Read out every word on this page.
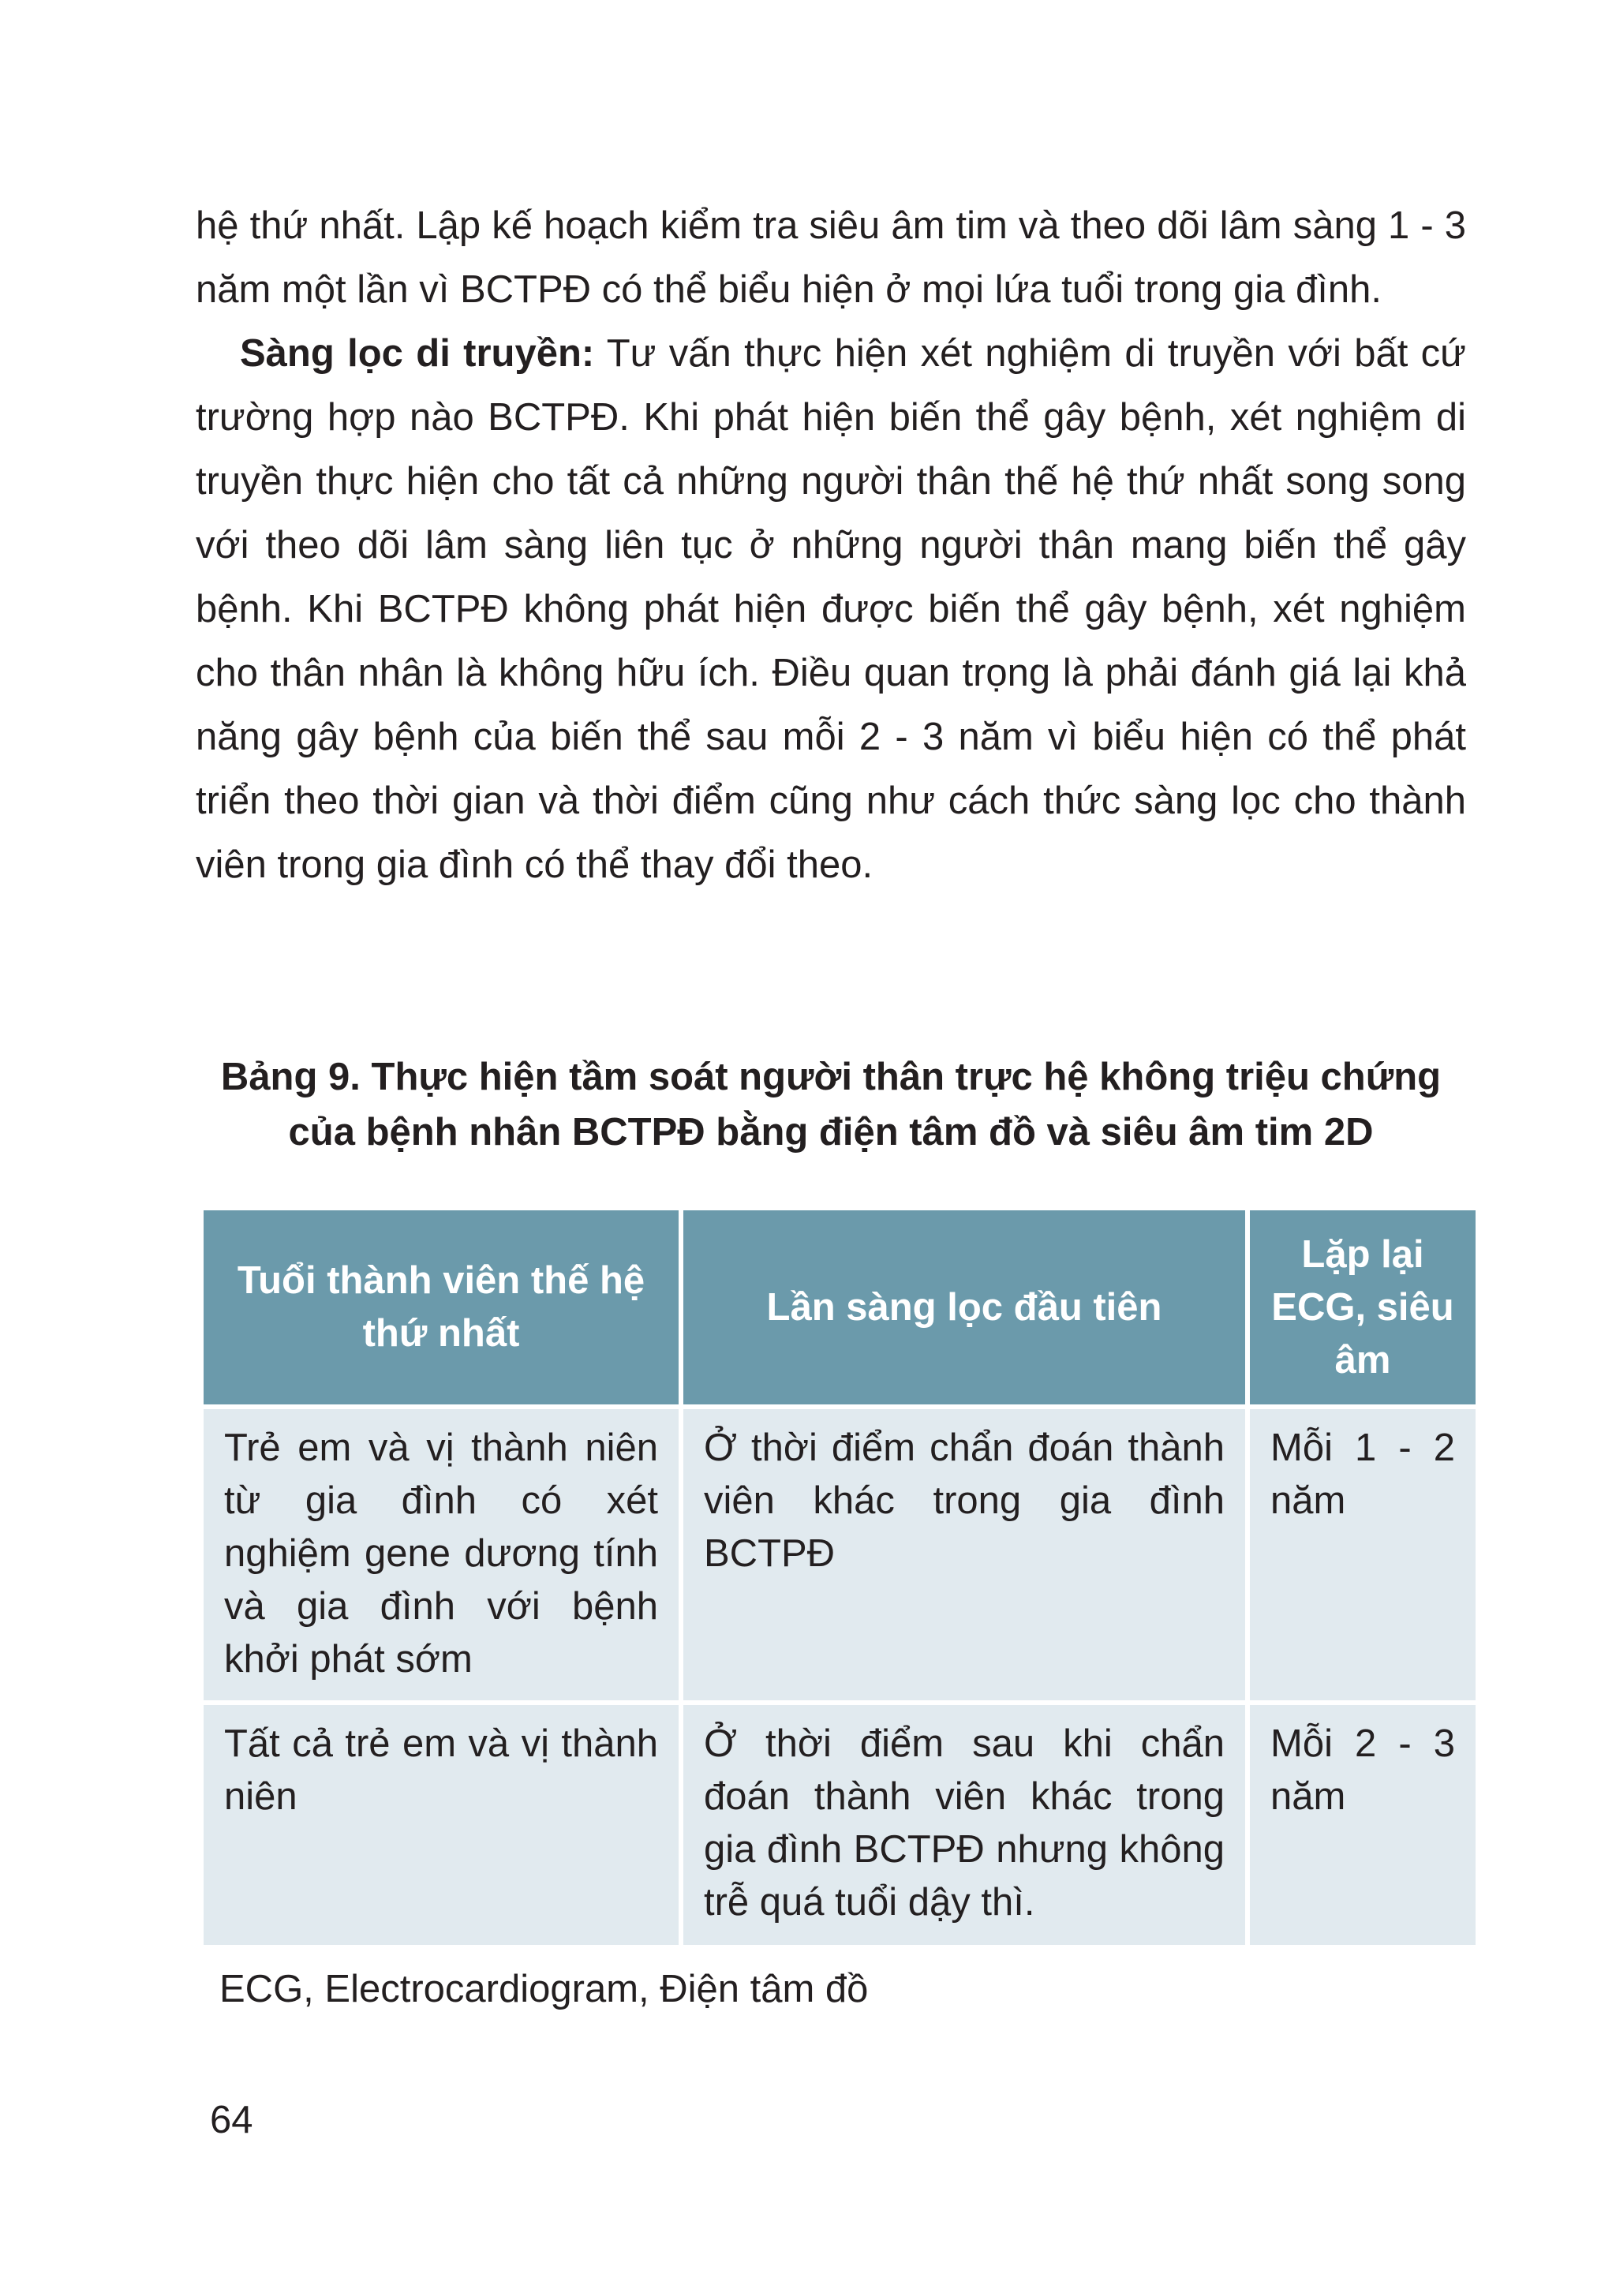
hệ thứ nhất. Lập kế hoạch kiểm tra siêu âm tim và theo dõi lâm sàng 1 - 3 năm một lần vì BCTPĐ có thể biểu hiện ở mọi lứa tuổi trong gia đình.

Sàng lọc di truyền: Tư vấn thực hiện xét nghiệm di truyền với bất cứ trường hợp nào BCTPĐ. Khi phát hiện biến thể gây bệnh, xét nghiệm di truyền thực hiện cho tất cả những người thân thế hệ thứ nhất song song với theo dõi lâm sàng liên tục ở những người thân mang biến thể gây bệnh. Khi BCTPĐ không phát hiện được biến thể gây bệnh, xét nghiệm cho thân nhân là không hữu ích. Điều quan trọng là phải đánh giá lại khả năng gây bệnh của biến thể sau mỗi 2 - 3 năm vì biểu hiện có thể phát triển theo thời gian và thời điểm cũng như cách thức sàng lọc cho thành viên trong gia đình có thể thay đổi theo.

Bảng 9. Thực hiện tầm soát người thân trực hệ không triệu chứng
của bệnh nhân BCTPĐ bằng điện tâm đồ và siêu âm tim 2D
Tuổi thành viên thế hệ thứ nhất	Lần sàng lọc đầu tiên	Lặp lại ECG, siêu âm
Trẻ em và vị thành niên từ gia đình có xét nghiệm gene dương tính và gia đình với bệnh khởi phát sớm	Ở thời điểm chẩn đoán thành viên khác trong gia đình BCTPĐ	Mỗi 1 - 2 năm
Tất cả trẻ em và vị thành niên	Ở thời điểm sau khi chẩn đoán thành viên khác trong gia đình BCTPĐ nhưng không trễ quá tuổi dậy thì.	Mỗi 2 - 3 năm
ECG, Electrocardiogram, Điện tâm đồ
64
